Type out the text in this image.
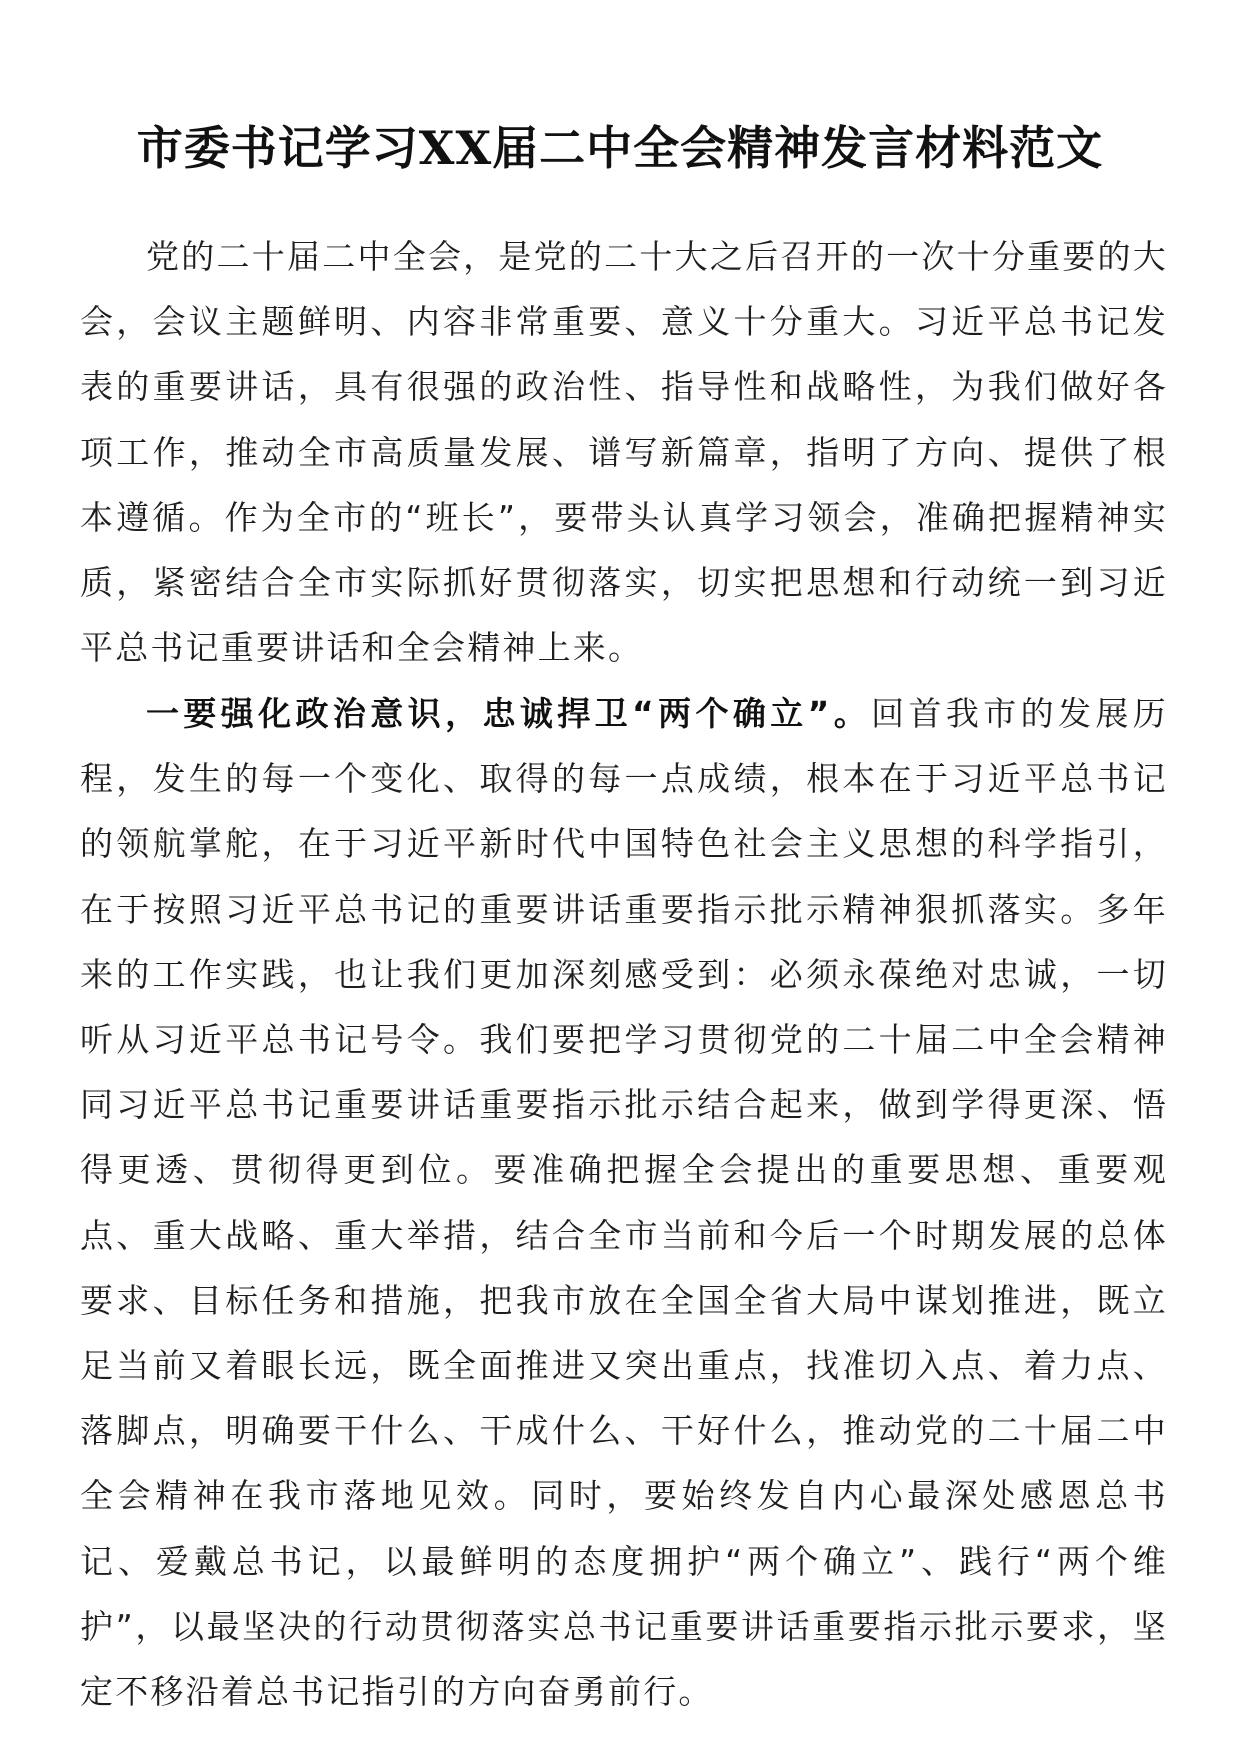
市委书记学习XX届二中全会精神发言材料范文

党的二十届二中全会，是党的二十大之后召开的一次十分重要的大会，会议主题鲜明、内容非常重要、意义十分重大。习近平总书记发表的重要讲话，具有很强的政治性、指导性和战略性，为我们做好各项工作，推动全市高质量发展、谱写新篇章，指明了方向、提供了根本遵循。作为全市的“班长”，要带头认真学习领会，准确把握精神实质，紧密结合全市实际抓好贯彻落实，切实把思想和行动统一到习近平总书记重要讲话和全会精神上来。

一要强化政治意识，忠诚捍卫“两个确立”。回首我市的发展历程，发生的每一个变化、取得的每一点成绩，根本在于习近平总书记的领航掌舵，在于习近平新时代中国特色社会主义思想的科学指引，在于按照习近平总书记的重要讲话重要指示批示精神狠抓落实。多年来的工作实践，也让我们更加深刻感受到：必须永葆绝对忠诚，一切听从习近平总书记号令。我们要把学习贯彻党的二十届二中全会精神同习近平总书记重要讲话重要指示批示结合起来，做到学得更深、悟得更透、贯彻得更到位。要准确把握全会提出的重要思想、重要观点、重大战略、重大举措，结合全市当前和今后一个时期发展的总体要求、目标任务和措施，把我市放在全国全省大局中谋划推进，既立足当前又着眼长远，既全面推进又突出重点，找准切入点、着力点、落脚点，明确要干什么、干成什么、干好什么，推动党的二十届二中全会精神在我市落地见效。同时，要始终发自内心最深处感恩总书记、爱戴总书记，以最鲜明的态度拥护“两个确立”、践行“两个维护”，以最坚决的行动贯彻落实总书记重要讲话重要指示批示要求，坚定不移沿着总书记指引的方向奋勇前行。
